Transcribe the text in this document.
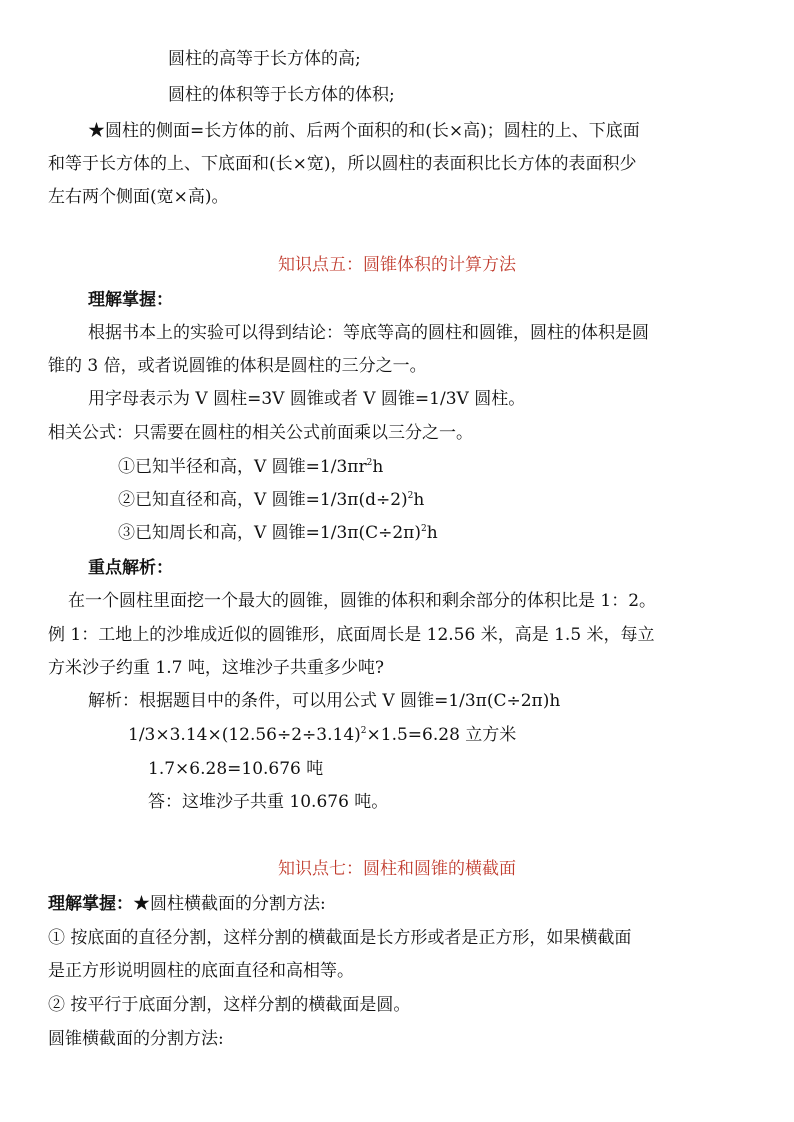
圆柱的高等于长方体的高;
圆柱的体积等于长方体的体积;
★圆柱的侧面=长方体的前、后两个面积的和(长×高)；圆柱的上、下底面
和等于长方体的上、下底面和(长×宽)，所以圆柱的表面积比长方体的表面积少
左右两个侧面(宽×高)。
知识点五：圆锥体积的计算方法
理解掌握：
根据书本上的实验可以得到结论：等底等高的圆柱和圆锥，圆柱的体积是圆
锥的 3 倍，或者说圆锥的体积是圆柱的三分之一。
用字母表示为 V 圆柱=3V 圆锥或者 V 圆锥=1/3V 圆柱。
相关公式：只需要在圆柱的相关公式前面乘以三分之一。
①已知半径和高，V 圆锥$=1/3\pi r^2h$
②已知直径和高，V 圆锥$=1/3\pi(d\div 2)^2h$
③已知周长和高，V 圆锥$=1/3\pi(C\div 2\pi)^2h$
重点解析：
在一个圆柱里面挖一个最大的圆锥，圆锥的体积和剩余部分的体积比是 1：2。
例 1：工地上的沙堆成近似的圆锥形，底面周长是 12.56 米，高是 1.5 米，每立
方米沙子约重 1.7 吨，这堆沙子共重多少吨?
解析：根据题目中的条件，可以用公式 V 圆锥=1/3π(C÷2π)h
$1/3\times 3.14\times(12.56\div 2\div 3.14)^2\times 1.5=6.28$ 立方米
1.7×6.28=10.676 吨
答：这堆沙子共重 10.676 吨。
知识点七：圆柱和圆锥的横截面
理解掌握：★圆柱横截面的分割方法:
① 按底面的直径分割，这样分割的横截面是长方形或者是正方形，如果横截面
是正方形说明圆柱的底面直径和高相等。
② 按平行于底面分割，这样分割的横截面是圆。
圆锥横截面的分割方法:
